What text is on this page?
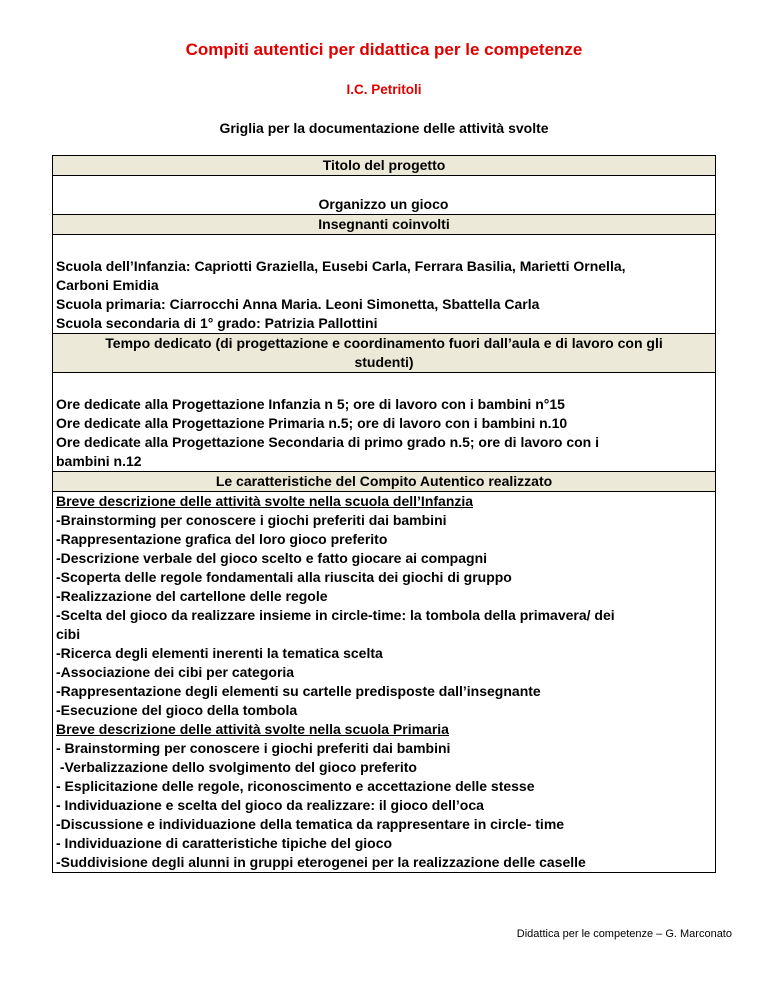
Compiti autentici per didattica per le competenze
I.C. Petritoli
Griglia per la documentazione delle attività svolte
Titolo del progetto
Organizzo un gioco
Insegnanti coinvolti
Scuola dell’Infanzia: Capriotti Graziella, Eusebi Carla, Ferrara Basilia, Marietti Ornella,
Carboni Emidia
Scuola primaria: Ciarrocchi Anna Maria. Leoni Simonetta, Sbattella Carla
Scuola secondaria di 1° grado: Patrizia Pallottini
Tempo dedicato (di progettazione e coordinamento fuori dall’aula e di lavoro con gli
studenti)
Ore dedicate alla Progettazione Infanzia n 5; ore di lavoro con i bambini n°15
Ore dedicate alla Progettazione Primaria n.5; ore di lavoro con i bambini n.10
Ore dedicate alla Progettazione Secondaria di primo grado n.5; ore di lavoro con i
bambini n.12
Le caratteristiche del Compito Autentico realizzato
Breve descrizione delle attività svolte nella scuola dell’Infanzia
-Brainstorming per conoscere i giochi preferiti dai bambini
-Rappresentazione grafica del loro gioco preferito
-Descrizione verbale del gioco scelto e fatto giocare ai compagni
-Scoperta delle regole fondamentali alla riuscita dei giochi di gruppo
-Realizzazione del cartellone delle regole
-Scelta del gioco da realizzare insieme in circle-time: la tombola della primavera/ dei
cibi
-Ricerca degli elementi inerenti la tematica scelta
-Associazione dei cibi per categoria
-Rappresentazione degli elementi su cartelle predisposte dall’insegnante
-Esecuzione del gioco della tombola
Breve descrizione delle attività svolte nella scuola Primaria
- Brainstorming per conoscere i giochi preferiti dai bambini
-Verbalizzazione dello svolgimento del gioco preferito
- Esplicitazione delle regole, riconoscimento e accettazione delle stesse
- Individuazione e scelta del gioco da realizzare: il gioco dell’oca
-Discussione e individuazione della tematica da rappresentare in circle- time
- Individuazione di caratteristiche tipiche del gioco
-Suddivisione degli alunni in gruppi eterogenei per la realizzazione delle caselle
Didattica per le competenze – G. Marconato
